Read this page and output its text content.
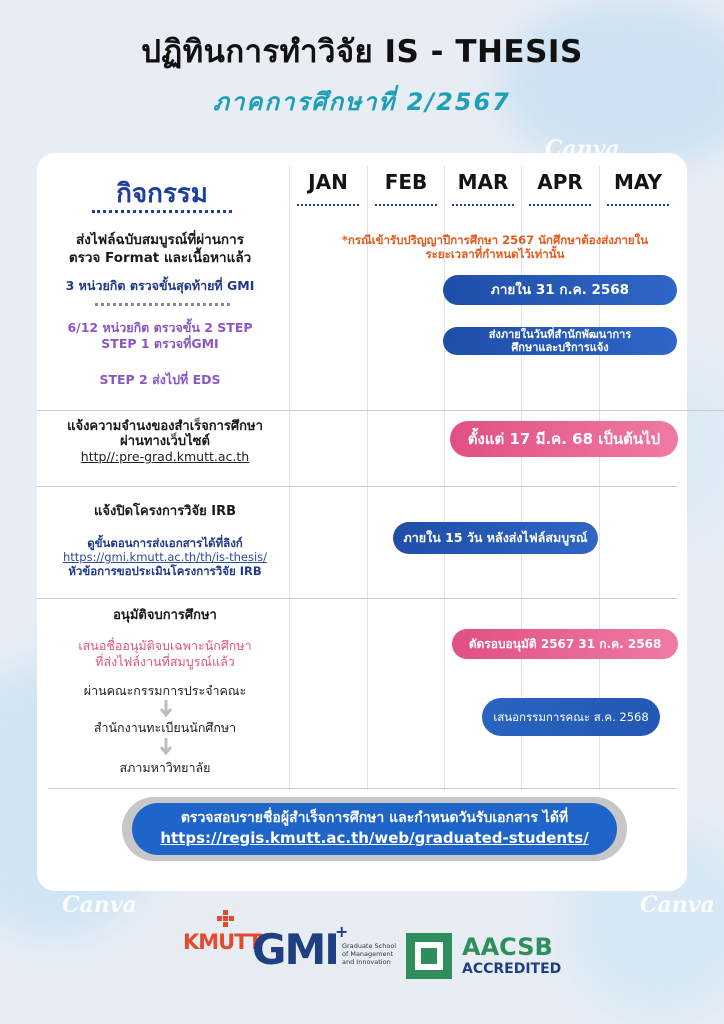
ปฏิทินการทำวิจัย IS - THESIS
ภาคการศึกษาที่ 2/2567
Canva
Canva	Canva
กิจกรรม	JAN	FEB	MAR	APR	MAY
ส่งไฟล์ฉบับสมบูรณ์ที่ผ่านการ
ตรวจ Format และเนื้อหาแล้ว
*กรณีเข้ารับปริญญาปีการศึกษา 2567 นักศึกษาต้องส่งภายใน
ระยะเวลาที่กำหนดไว้เท่านั้น
3 หน่วยกิต ตรวจขั้นสุดท้ายที่ GMI	ภายใน 31 ก.ค. 2568
6/12 หน่วยกิต ตรวจขั้น 2 STEP
STEP 1 ตรวจที่GMI
ส่งภายในวันที่สำนักพัฒนาการ
ศึกษาและบริการแจ้ง
STEP 2 ส่งไปที่ EDS
แจ้งความจำนงของสำเร็จการศึกษา
ผ่านทางเว็บไซต์
http//:pre-grad.kmutt.ac.th
ตั้งแต่ 17 มี.ค. 68 เป็นต้นไป
แจ้งปิดโครงการวิจัย IRB
ดูขั้นตอนการส่งเอกสารได้ที่ลิงก์
https://gmi.kmutt.ac.th/th/is-thesis/
หัวข้อการขอประเมินโครงการวิจัย IRB
ภายใน 15 วัน หลังส่งไฟล์สมบูรณ์
อนุมัติจบการศึกษา
เสนอชื่ออนุมัติจบเฉพาะนักศึกษา
ที่ส่งไฟล์งานที่สมบูรณ์แล้ว
ผ่านคณะกรรมการประจำคณะ
สำนักงานทะเบียนนักศึกษา
สภามหาวิทยาลัย
ตัดรอบอนุมัติ 2567 31 ก.ค. 2568
เสนอกรรมการคณะ ส.ค. 2568
ตรวจสอบรายชื่อผู้สำเร็จการศึกษา และกำหนดวันรับเอกสาร ได้ที่
https://regis.kmutt.ac.th/web/graduated-students/
KMUTT
GMI Graduate School of Management and Innovation
+
AACSB
ACCREDITED
